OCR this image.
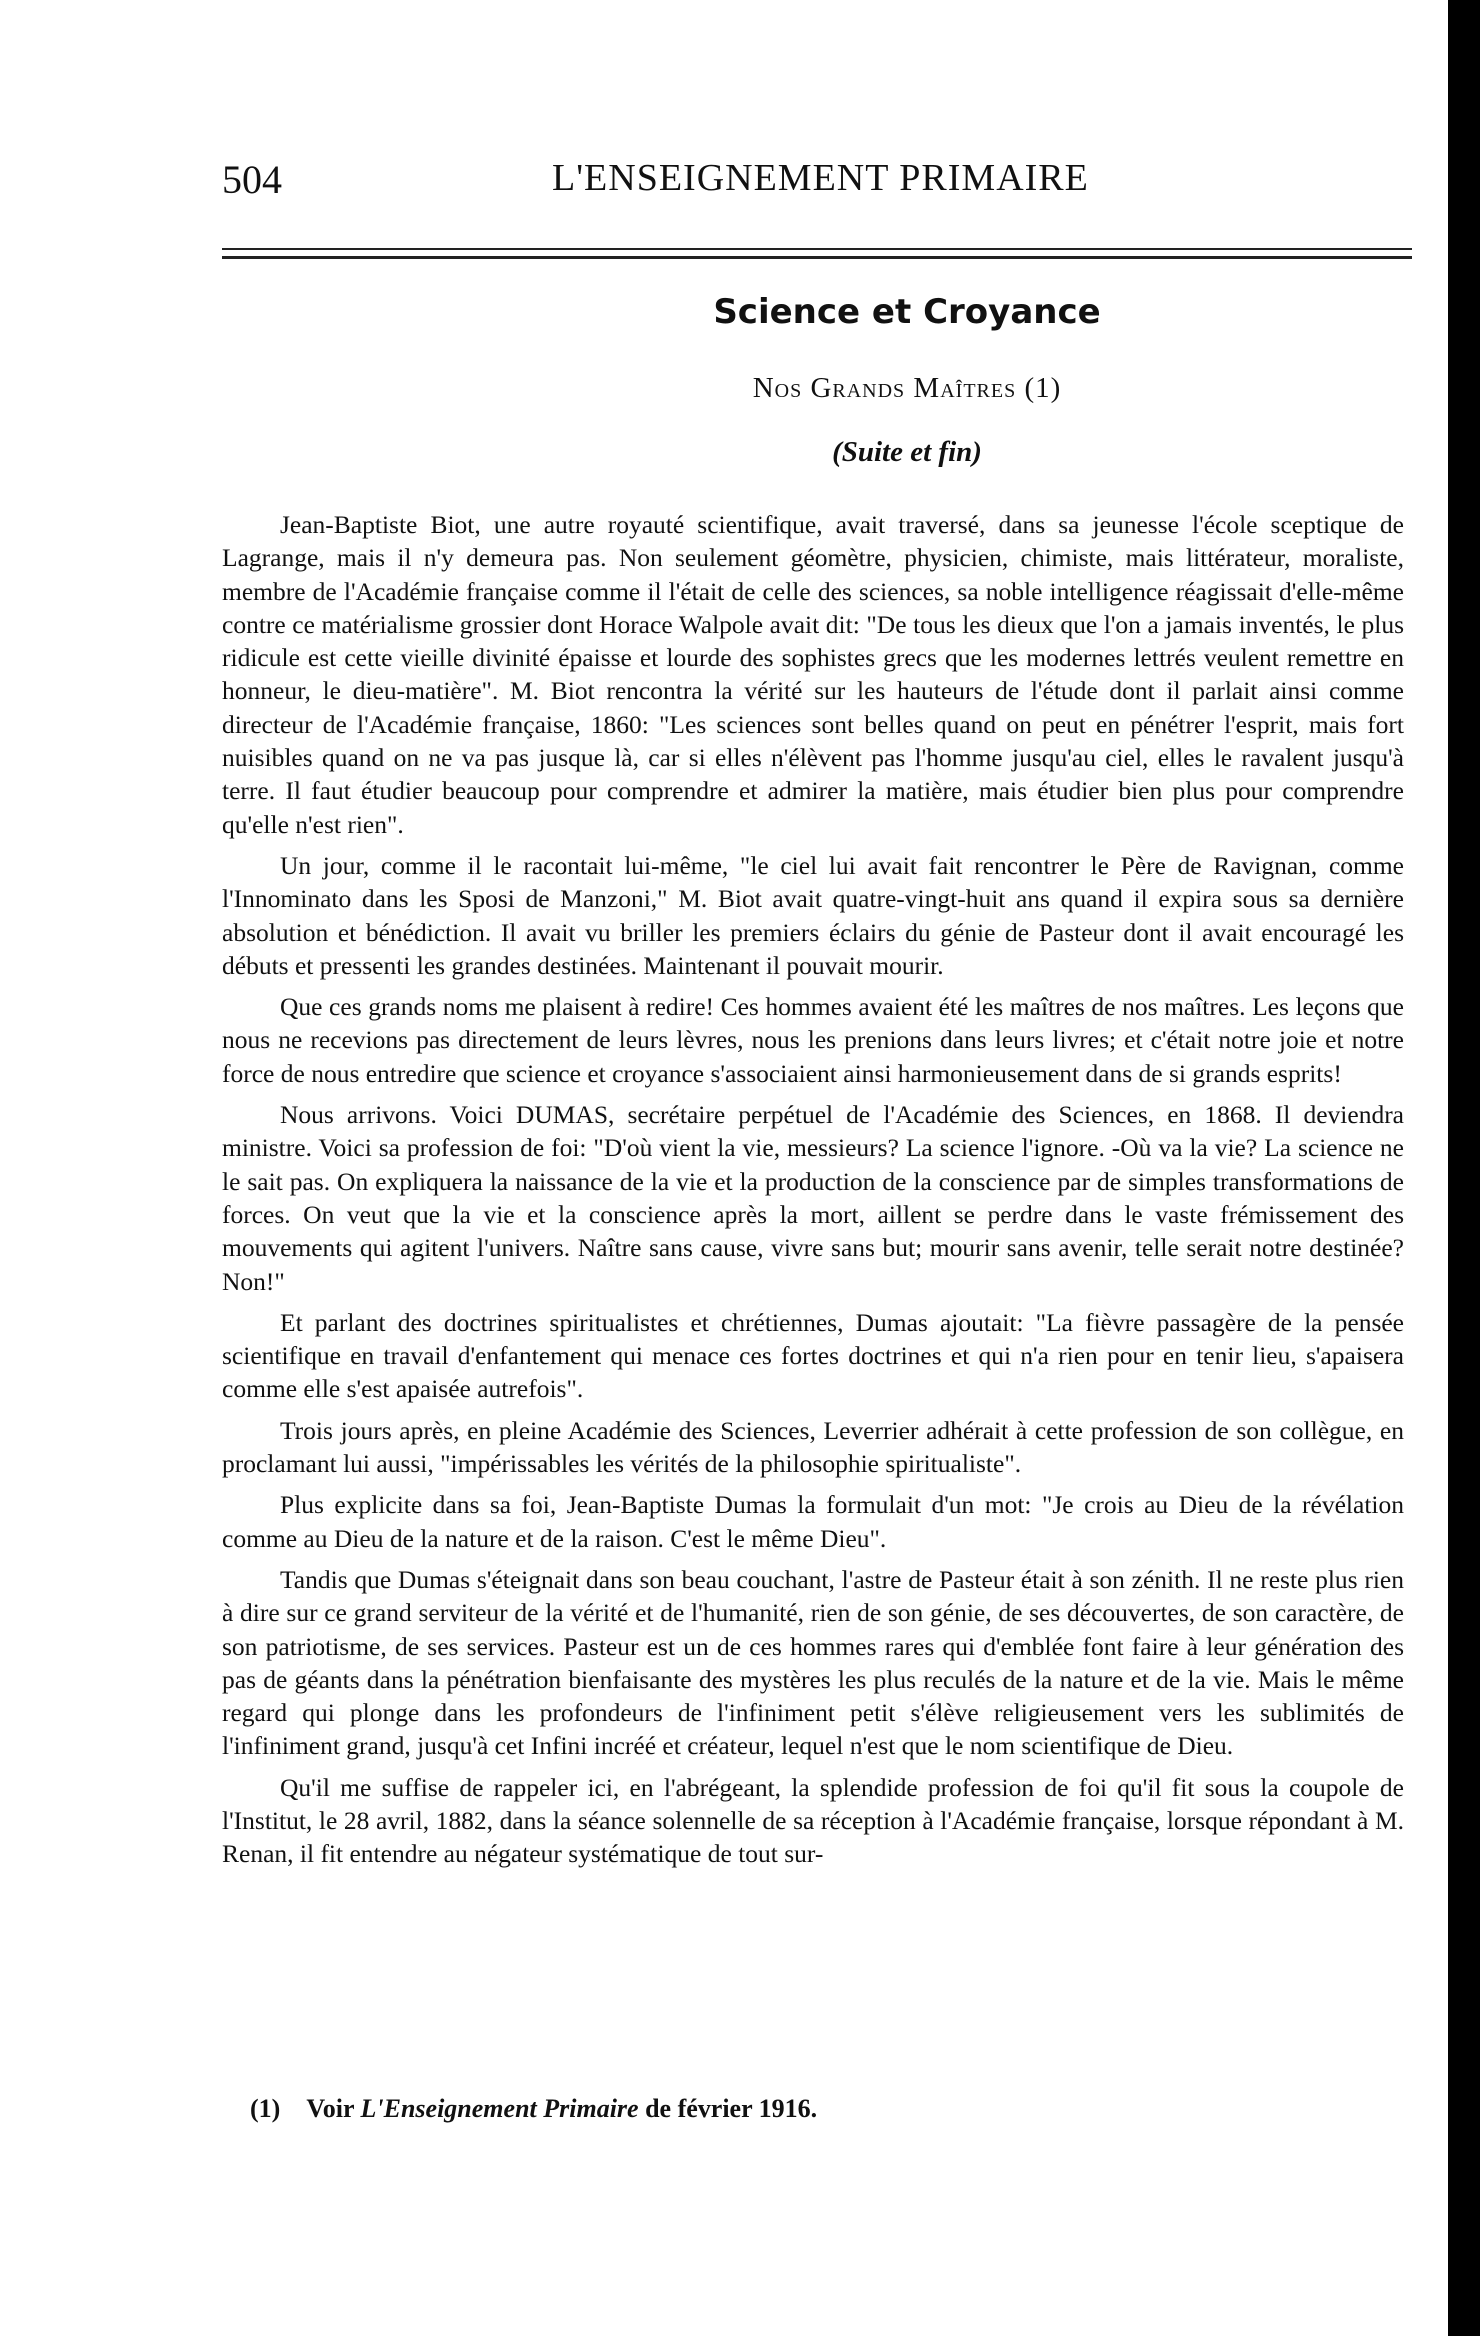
504	L'ENSEIGNEMENT PRIMAIRE
Science et Croyance
Nos Grands Maîtres (1)
(Suite et fin)

Jean-Baptiste Biot, une autre royauté scientifique, avait traversé, dans sa jeunesse l'école sceptique de Lagrange, mais il n'y demeura pas. Non seulement géomètre, physicien, chimiste, mais littérateur, moraliste, membre de l'Académie française comme il l'était de celle des sciences, sa noble intelligence réagissait d'elle-même contre ce matérialisme grossier dont Horace Walpole avait dit: "De tous les dieux que l'on a jamais inventés, le plus ridicule est cette vieille divinité épaisse et lourde des sophistes grecs que les modernes lettrés veulent remettre en honneur, le dieu-matière". M. Biot rencontra la vérité sur les hauteurs de l'étude dont il parlait ainsi comme directeur de l'Académie française, 1860: "Les sciences sont belles quand on peut en pénétrer l'esprit, mais fort nuisibles quand on ne va pas jusque là, car si elles n'élèvent pas l'homme jusqu'au ciel, elles le ravalent jusqu'à terre. Il faut étudier beaucoup pour comprendre et admirer la matière, mais étudier bien plus pour comprendre qu'elle n'est rien".

Un jour, comme il le racontait lui-même, "le ciel lui avait fait rencontrer le Père de Ravignan, comme l'Innominato dans les Sposi de Manzoni," M. Biot avait quatre-vingt-huit ans quand il expira sous sa dernière absolution et bénédiction. Il avait vu briller les premiers éclairs du génie de Pasteur dont il avait encouragé les débuts et pressenti les grandes destinées. Maintenant il pouvait mourir.

Que ces grands noms me plaisent à redire! Ces hommes avaient été les maîtres de nos maîtres. Les leçons que nous ne recevions pas directement de leurs lèvres, nous les prenions dans leurs livres; et c'était notre joie et notre force de nous entredire que science et croyance s'associaient ainsi harmonieusement dans de si grands esprits!

Nous arrivons. Voici DUMAS, secrétaire perpétuel de l'Académie des Sciences, en 1868. Il deviendra ministre. Voici sa profession de foi: "D'où vient la vie, messieurs? La science l'ignore. -Où va la vie? La science ne le sait pas. On expliquera la naissance de la vie et la production de la conscience par de simples transformations de forces. On veut que la vie et la conscience après la mort, aillent se perdre dans le vaste frémissement des mouvements qui agitent l'univers. Naître sans cause, vivre sans but; mourir sans avenir, telle serait notre destinée? Non!"

Et parlant des doctrines spiritualistes et chrétiennes, Dumas ajoutait: "La fièvre passagère de la pensée scientifique en travail d'enfantement qui menace ces fortes doctrines et qui n'a rien pour en tenir lieu, s'apaisera comme elle s'est apaisée autrefois".

Trois jours après, en pleine Académie des Sciences, Leverrier adhérait à cette profession de son collègue, en proclamant lui aussi, "impérissables les vérités de la philosophie spiritualiste".

Plus explicite dans sa foi, Jean-Baptiste Dumas la formulait d'un mot: "Je crois au Dieu de la révélation comme au Dieu de la nature et de la raison. C'est le même Dieu".

Tandis que Dumas s'éteignait dans son beau couchant, l'astre de Pasteur était à son zénith. Il ne reste plus rien à dire sur ce grand serviteur de la vérité et de l'humanité, rien de son génie, de ses découvertes, de son caractère, de son patriotisme, de ses services. Pasteur est un de ces hommes rares qui d'emblée font faire à leur génération des pas de géants dans la pénétration bienfaisante des mystères les plus reculés de la nature et de la vie. Mais le même regard qui plonge dans les profondeurs de l'infiniment petit s'élève religieusement vers les sublimités de l'infiniment grand, jusqu'à cet Infini incréé et créateur, lequel n'est que le nom scientifique de Dieu.

Qu'il me suffise de rappeler ici, en l'abrégeant, la splendide profession de foi qu'il fit sous la coupole de l'Institut, le 28 avril, 1882, dans la séance solennelle de sa réception à l'Académie française, lorsque répondant à M. Renan, il fit entendre au négateur systématique de tout sur-

(1) Voir L'Enseignement Primaire de février 1916.
